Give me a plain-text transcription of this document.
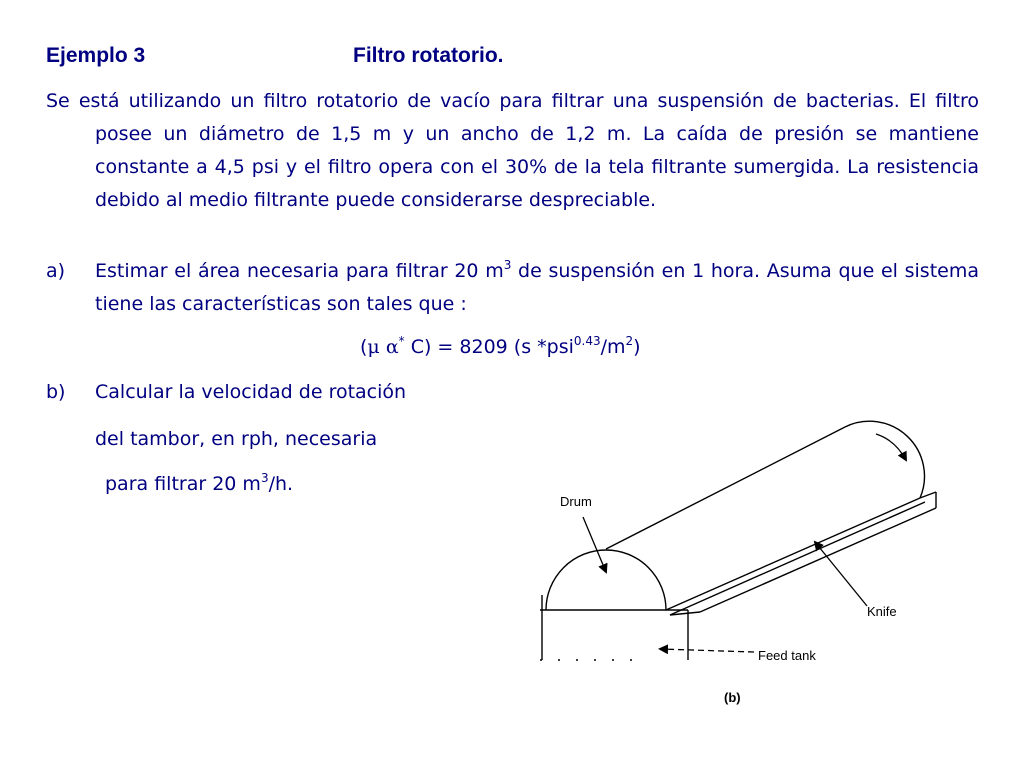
Ejemplo 3	Filtro rotatorio.
Se está utilizando un filtro rotatorio de vacío para filtrar una suspensión de bacterias. El filtro posee un diámetro de 1,5 m y un ancho de 1,2 m. La caída de presión se mantiene constante a 4,5 psi y el filtro opera con el 30% de la tela filtrante sumergida. La resistencia debido al medio filtrante puede considerarse despreciable.
a) Estimar el área necesaria para filtrar 20 $m^3$ de suspensión en 1 hora. Asuma que el sistema tiene las características son tales que :
(μ α* C) = 8209 (s $*psi^{0.43}/m^2$)
b) Calcular la velocidad de rotación
del tambor, en rph, necesaria
para filtrar 20 $m^3/h$.
Drum
Knife
Feed tank
(b)
